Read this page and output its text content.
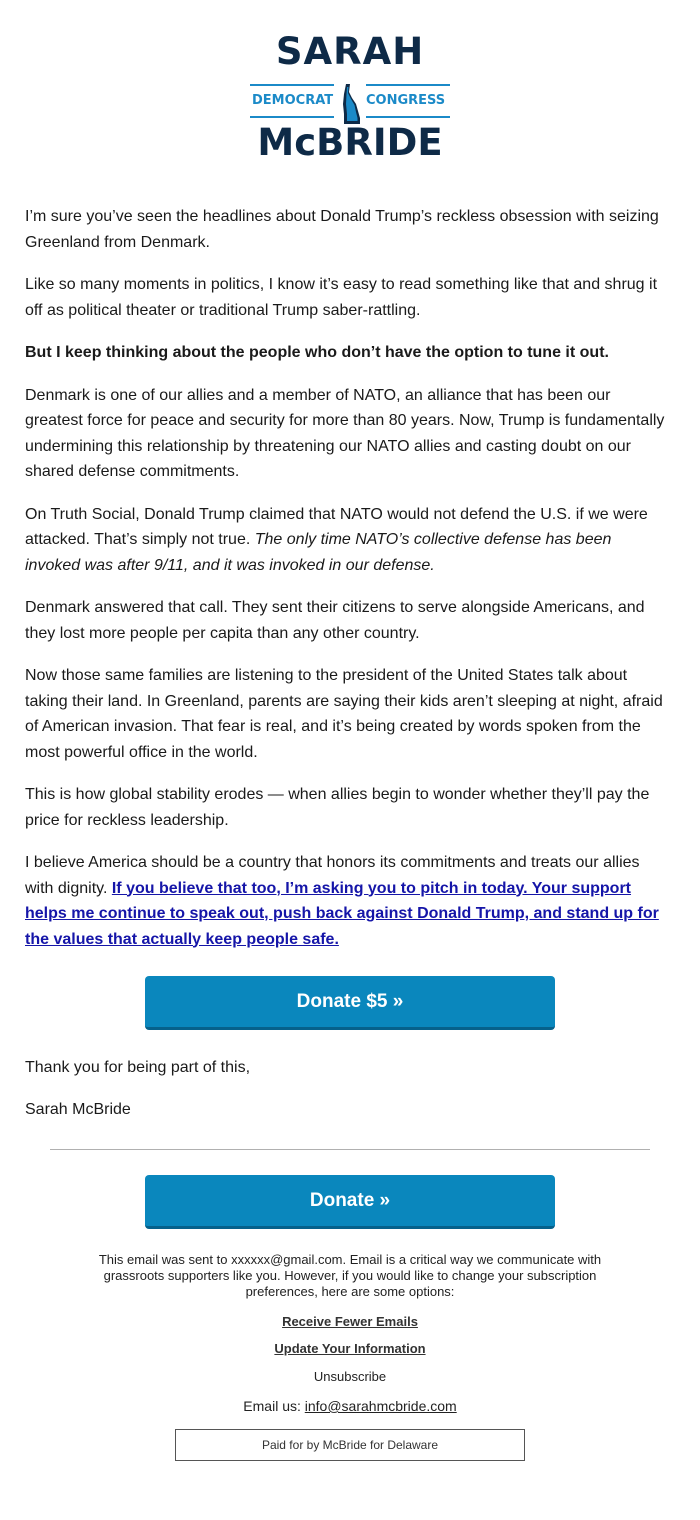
SARAH
DEMOCRAT	CONGRESS
McBRIDE

I’m sure you’ve seen the headlines about Donald Trump’s reckless obsession with seizing Greenland from Denmark.

Like so many moments in politics, I know it’s easy to read something like that and shrug it off as political theater or traditional Trump saber-rattling.

But I keep thinking about the people who don’t have the option to tune it out.

Denmark is one of our allies and a member of NATO, an alliance that has been our greatest force for peace and security for more than 80 years. Now, Trump is fundamentally undermining this relationship by threatening our NATO allies and casting doubt on our shared defense commitments.

On Truth Social, Donald Trump claimed that NATO would not defend the U.S. if we were attacked. That’s simply not true. The only time NATO’s collective defense has been invoked was after 9/11, and it was invoked in our defense.

Denmark answered that call. They sent their citizens to serve alongside Americans, and they lost more people per capita than any other country.

Now those same families are listening to the president of the United States talk about taking their land. In Greenland, parents are saying their kids aren’t sleeping at night, afraid of American invasion. That fear is real, and it’s being created by words spoken from the most powerful office in the world.

This is how global stability erodes — when allies begin to wonder whether they’ll pay the price for reckless leadership.

I believe America should be a country that honors its commitments and treats our allies with dignity. If you believe that too, I’m asking you to pitch in today. Your support helps me continue to speak out, push back against Donald Trump, and stand up for the values that actually keep people safe.

Donate $5 »

Thank you for being part of this,

Sarah McBride

Donate »

This email was sent to xxxxxx@gmail.com. Email is a critical way we communicate with grassroots supporters like you. However, if you would like to change your subscription preferences, here are some options:

Receive Fewer Emails
Update Your Information
Unsubscribe
Email us: info@sarahmcbride.com
Paid for by McBride for Delaware
